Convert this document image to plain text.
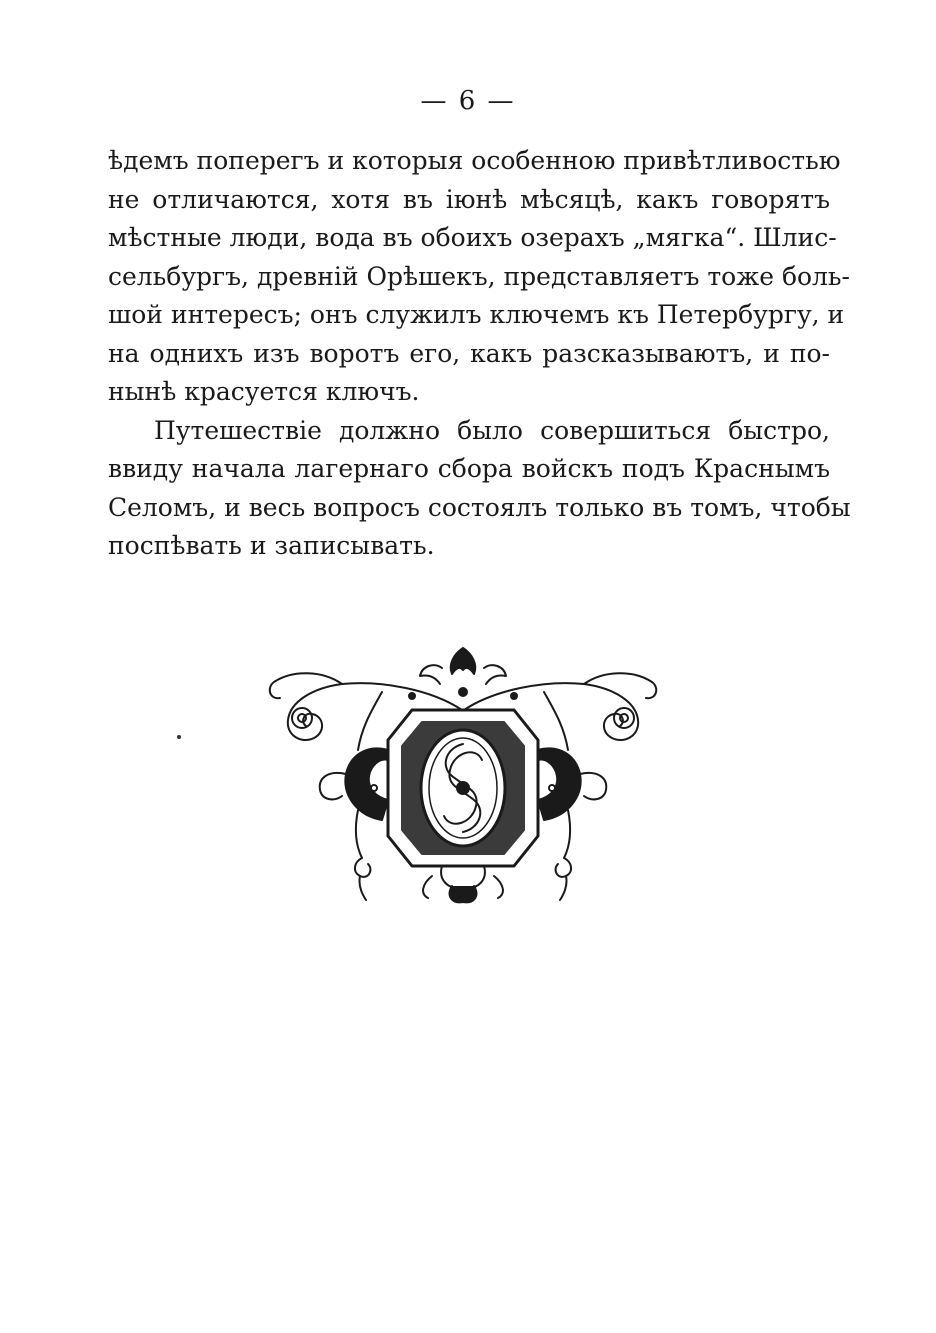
— 6 —
ѣдемъ поперегъ и которыя особенною привѣтливостью
не отличаются, хотя въ іюнѣ мѣсяцѣ, какъ говорятъ
мѣстные люди, вода въ обоихъ озерахъ „мягка“. Шлис-
сельбургъ, древній Орѣшекъ, представляетъ тоже боль-
шой интересъ; онъ служилъ ключемъ къ Петербургу, и
на однихъ изъ воротъ его, какъ разсказываютъ, и по-
нынѣ красуется ключъ.
Путешествіе должно было совершиться быстро,
ввиду начала лагернаго сбора войскъ подъ Краснымъ
Селомъ, и весь вопросъ состоялъ только въ томъ, чтобы
поспѣвать и записывать.
